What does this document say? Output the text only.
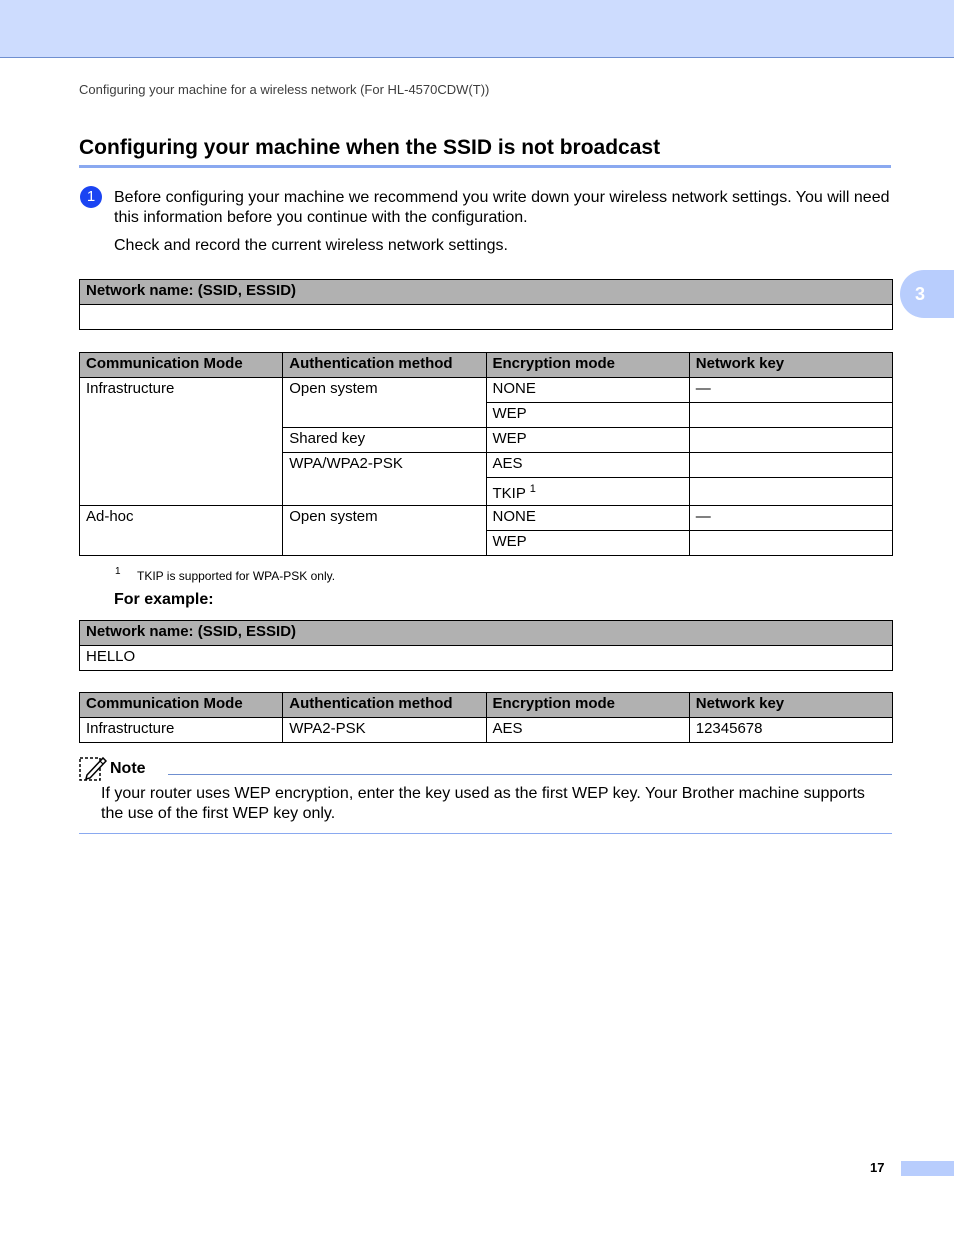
Configuring your machine for a wireless network (For HL-4570CDW(T))
Configuring your machine when the SSID is not broadcast
1	Before configuring your machine we recommend you write down your wireless network settings. You will need this information before you continue with the configuration.

Check and record the current wireless network settings.

3
Network name: (SSID, ESSID)

Communication Mode	Authentication method	Encryption mode	Network key
Infrastructure	Open system	NONE	—
		WEP	
	Shared key	WEP	
	WPA/WPA2-PSK	AES	
		TKIP $^1$	
Ad-hoc	Open system	NONE	—
		WEP	
1 TKIP is supported for WPA-PSK only.
For example:
Network name: (SSID, ESSID)
HELLO
Communication Mode	Authentication method	Encryption mode	Network key
Infrastructure	WPA2-PSK	AES	12345678
Note

If your router uses WEP encryption, enter the key used as the first WEP key. Your Brother machine supports the use of the first WEP key only.

17
